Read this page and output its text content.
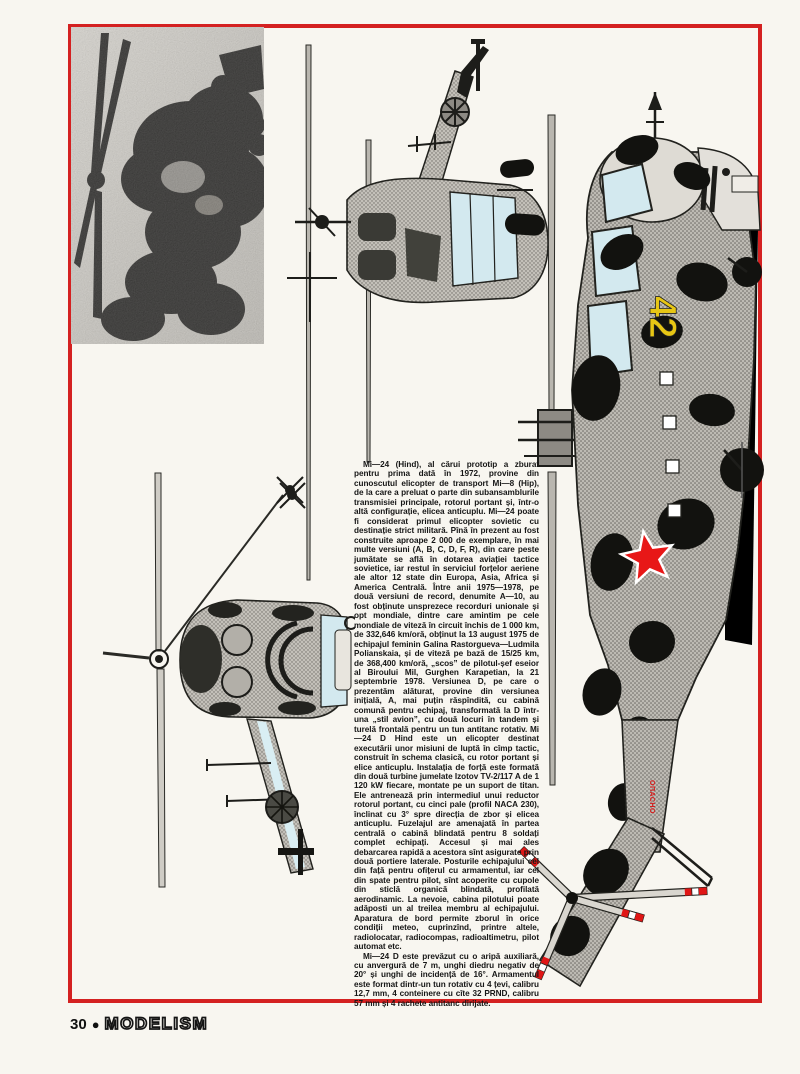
42
ОПАСНО

Mi—24 (Hind), al cărui prototip a zburat pentru prima dată în 1972, provine din cunoscutul elicopter de transport Mi—8 (Hip), de la care a preluat o parte din subansamblurile transmisiei principale, rotorul portant și, într-o altă configurație, elicea anticuplu. Mi—24 poate fi considerat primul elicopter sovietic cu destinație strict militară. Pînă în prezent au fost construite aproape 2 000 de exemplare, în mai multe versiuni (A, B, C, D, F, R), din care peste jumătate se află în dotarea aviației tactice sovietice, iar restul în serviciul forțelor aeriene ale altor 12 state din Europa, Asia, Africa și America Centrală. Între anii 1975—1978, pe două versiuni de record, denumite A—10, au fost obținute unsprezece recorduri unionale și opt mondiale, dintre care amintim pe cele mondiale de viteză în circuit închis de 1 000 km, de 332,646 km/oră, obținut la 13 august 1975 de echipajul feminin Galina Rastorgueva—Ludmila Polianskaia, și de viteză pe bază de 15/25 km, de 368,400 km/oră, „scos” de pilotul-șef eseior al Biroului Mil, Gurghen Karapetian, la 21 septembrie 1978. Versiunea D, pe care o prezentăm alăturat, provine din versiunea inițială, A, mai puțin răspîndită, cu cabină comună pentru echipaj, transformată la D într-una „stil avion”, cu două locuri în tandem și turelă frontală pentru un tun antitanc rotativ. Mi—24 D Hind este un elicopter destinat executării unor misiuni de luptă în cîmp tactic, construit în schema clasică, cu rotor portant și elice anticuplu. Instalația de forță este formată din două turbine jumelate Izotov TV-2/117 A de 1 120 kW fiecare, montate pe un suport de titan. Ele antrenează prin intermediul unui reductor rotorul portant, cu cinci pale (profil NACA 230), înclinat cu 3° spre direcția de zbor și elicea anticuplu. Fuzelajul are amenajată în partea centrală o cabină blindată pentru 8 soldați complet echipați. Accesul și mai ales debarcarea rapidă a acestora sînt asigurate prin două portiere laterale. Posturile echipajului cel din față pentru ofițerul cu armamentul, iar cel din spate pentru pilot, sînt acoperite cu cupole din sticlă organică blindată, profilată aerodinamic. La nevoie, cabina pilotului poate adăposti un al treilea membru al echipajului. Aparatura de bord permite zborul în orice condiții meteo, cuprinzînd, printre altele, radiolocatar, radiocompas, radioaltimetru, pilot automat etc.

Mi—24 D este prevăzut cu o aripă auxiliară, cu anvergură de 7 m, unghi diedru negativ de 20° și unghi de incidență de 16°. Armamentul este format dintr-un tun rotativ cu 4 țevi, calibru 12,7 mm, 4 conteinere cu cîte 32 PRND, calibru 57 mm și 4 rachete antitanc dirijate.

30 ● MODELISM
